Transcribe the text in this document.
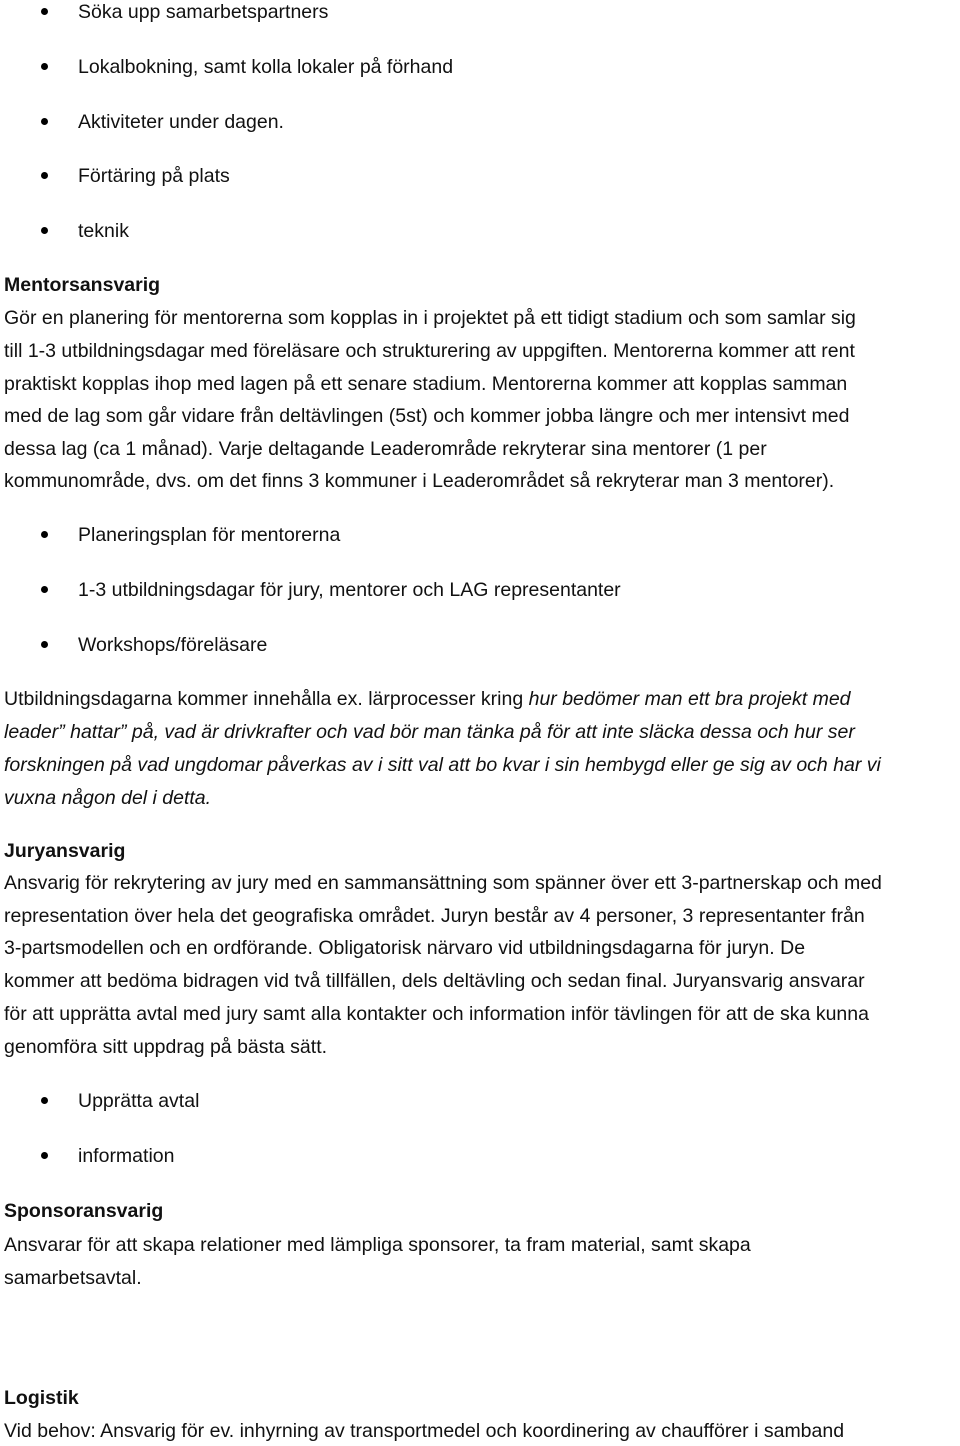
Söka upp samarbetspartners
Lokalbokning, samt kolla lokaler på förhand
Aktiviteter under dagen.
Förtäring på plats
teknik
Mentorsansvarig
Gör en planering för mentorerna som kopplas in i projektet på ett tidigt stadium och som samlar sig
till 1-3 utbildningsdagar med föreläsare och strukturering av uppgiften. Mentorerna kommer att rent
praktiskt kopplas ihop med lagen på ett senare stadium. Mentorerna kommer att kopplas samman
med de lag som går vidare från deltävlingen (5st) och kommer jobba längre och mer intensivt med
dessa lag (ca 1 månad). Varje deltagande Leaderområde rekryterar sina mentorer (1 per
kommunområde, dvs. om det finns 3 kommuner i Leaderområdet så rekryterar man 3 mentorer).
Planeringsplan för mentorerna
1-3 utbildningsdagar för jury, mentorer och LAG representanter
Workshops/föreläsare
Utbildningsdagarna kommer innehålla ex. lärprocesser kring hur bedömer man ett bra projekt med
leader” hattar” på, vad är drivkrafter och vad bör man tänka på för att inte släcka dessa och hur ser
forskningen på vad ungdomar påverkas av i sitt val att bo kvar i sin hembygd eller ge sig av och har vi
vuxna någon del i detta.
Juryansvarig
Ansvarig för rekrytering av jury med en sammansättning som spänner över ett 3-partnerskap och med
representation över hela det geografiska området. Juryn består av 4 personer, 3 representanter från
3-partsmodellen och en ordförande. Obligatorisk närvaro vid utbildningsdagarna för juryn. De
kommer att bedöma bidragen vid två tillfällen, dels deltävling och sedan final. Juryansvarig ansvarar
för att upprätta avtal med jury samt alla kontakter och information inför tävlingen för att de ska kunna
genomföra sitt uppdrag på bästa sätt.
Upprätta avtal
information
Sponsoransvarig
Ansvarar för att skapa relationer med lämpliga sponsorer, ta fram material, samt skapa
samarbetsavtal.
Logistik
Vid behov: Ansvarig för ev. inhyrning av transportmedel och koordinering av chaufförer i samband
